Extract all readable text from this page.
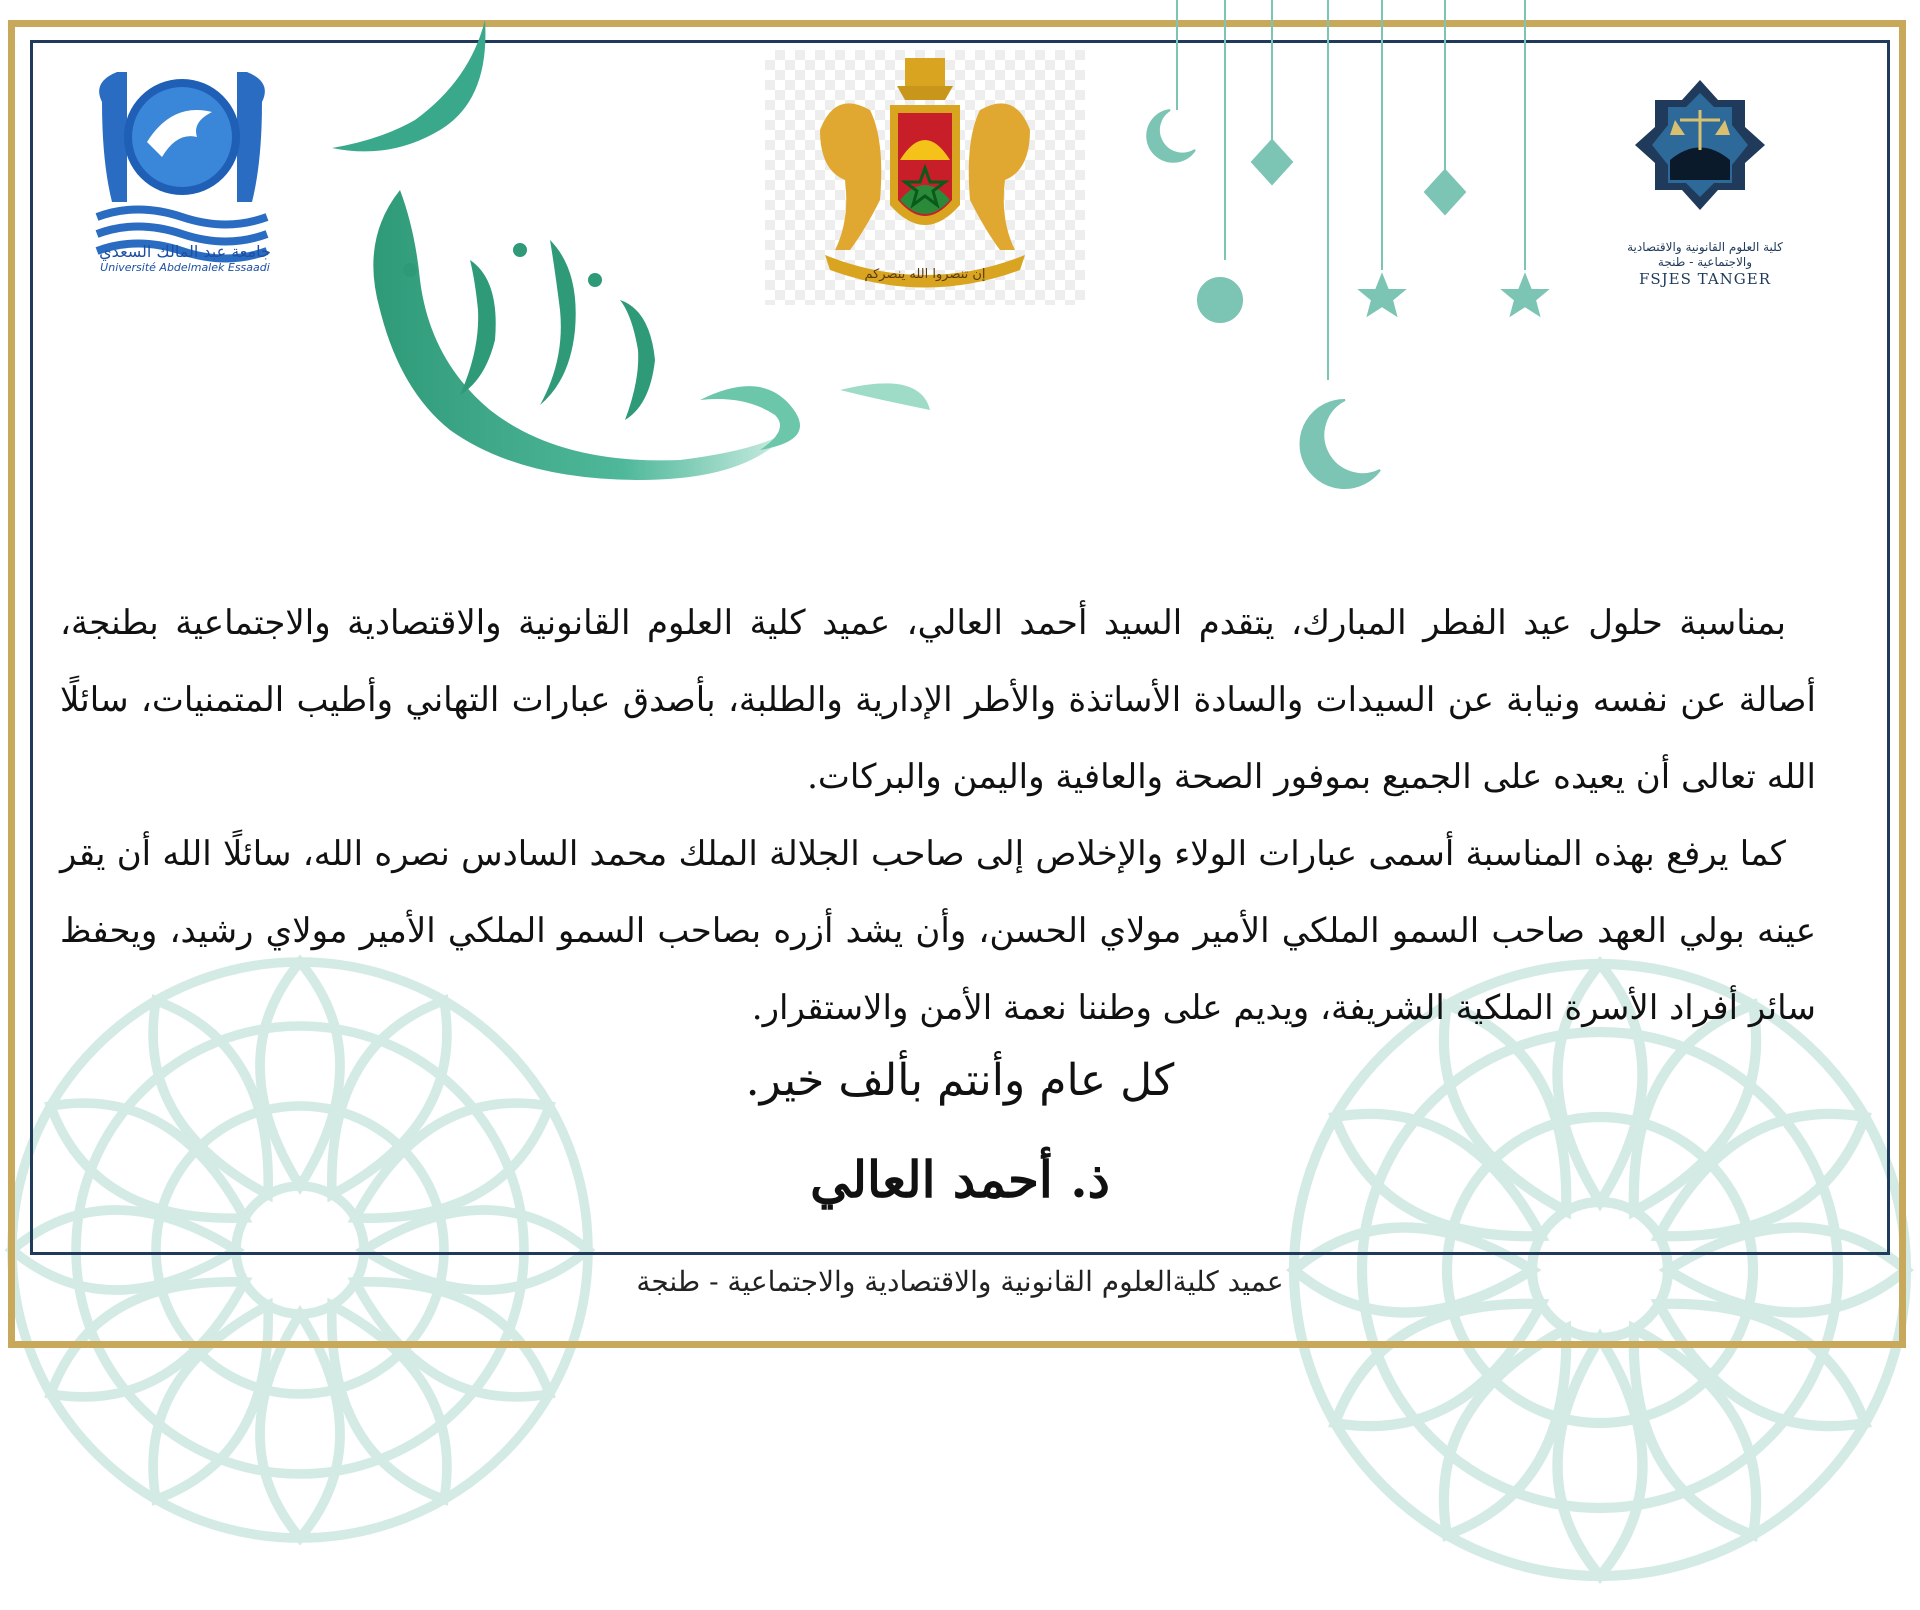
جامعة عبد المالك السعدي
Université Abdelmalek Essaadi	إن تنصروا الله ينصركم
كلية العلوم القانونية والاقتصادية
والاجتماعية - طنجة
FSJES TANGER

بمناسبة حلول عيد الفطر المبارك، يتقدم السيد أحمد العالي، عميد كلية العلوم القانونية والاقتصادية والاجتماعية بطنجة، أصالة عن نفسه ونيابة عن السيدات والسادة الأساتذة والأطر الإدارية والطلبة، بأصدق عبارات التهاني وأطيب المتمنيات، سائلًا الله تعالى أن يعيده على الجميع بموفور الصحة والعافية واليمن والبركات.

كما يرفع بهذه المناسبة أسمى عبارات الولاء والإخلاص إلى صاحب الجلالة الملك محمد السادس نصره الله، سائلًا الله أن يقر عينه بولي العهد صاحب السمو الملكي الأمير مولاي الحسن، وأن يشد أزره بصاحب السمو الملكي الأمير مولاي رشيد، ويحفظ سائر أفراد الأسرة الملكية الشريفة، ويديم على وطننا نعمة الأمن والاستقرار.

كل عام وأنتم بألف خير.
ذ. أحمد العالي
عميد كليةالعلوم القانونية والاقتصادية والاجتماعية - طنجة
